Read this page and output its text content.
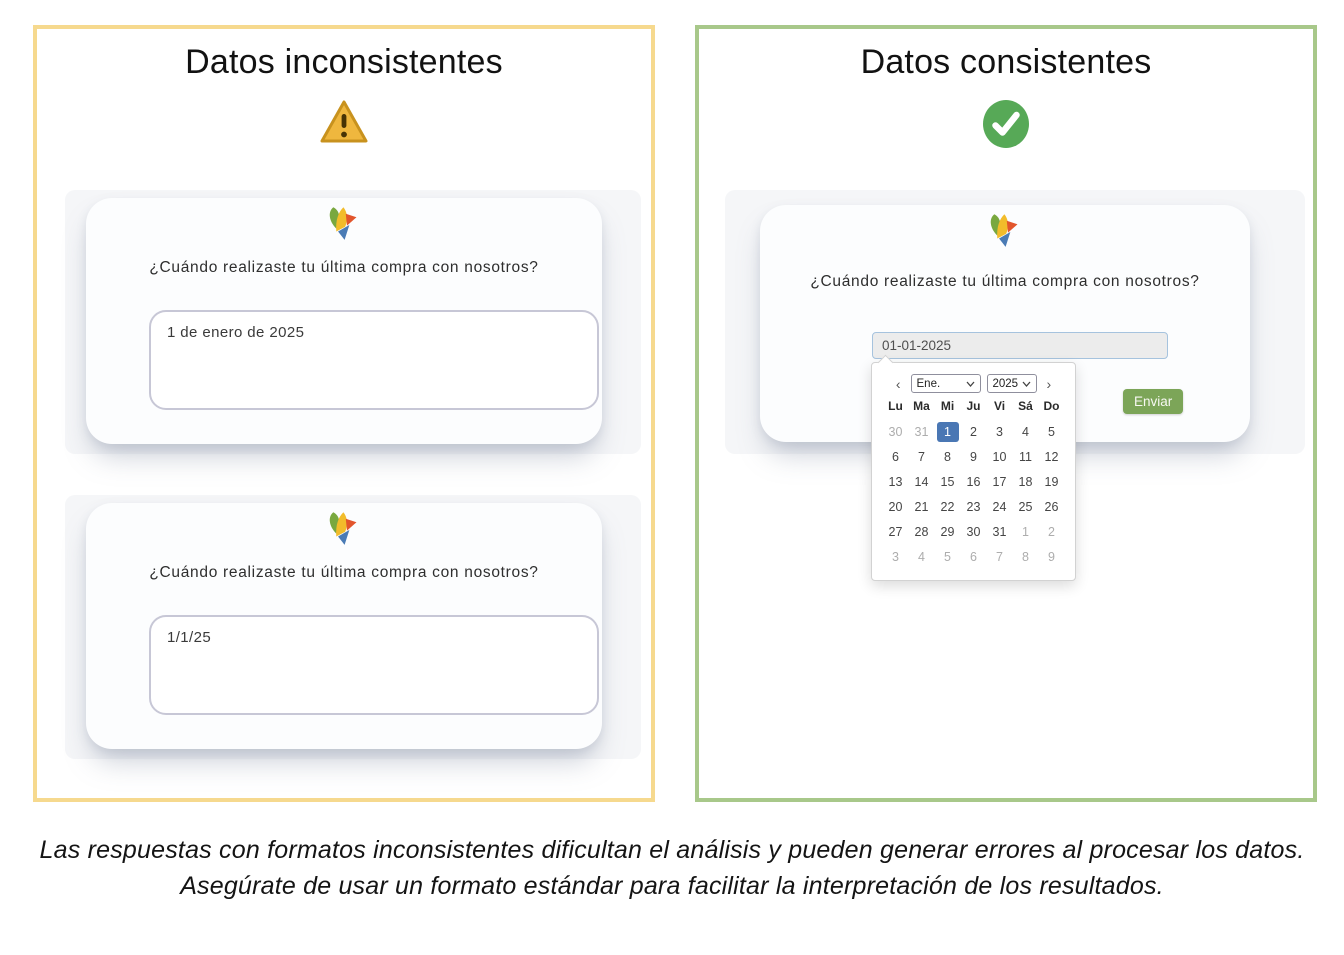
Datos inconsistentes
¿Cuándo realizaste tu última compra con nosotros?
1 de enero de 2025
¿Cuándo realizaste tu última compra con nosotros?
1/1/25
Datos consistentes
¿Cuándo realizaste tu última compra con nosotros?
01-01-2025
Enviar
‹	Ene.	2025 ›
Lu Ma Mi	Ju	Vi	Sá Do
30 31	1	2	3	4	5
6	7	8	9	10	11	12
13 14 15 16 17 18 19
20 21 22 23 24 25 26
27 28 29 30 31	1	2
3	4	5	6	7	8	9
Las respuestas con formatos inconsistentes dificultan el análisis y pueden generar errores al procesar los datos. Asegúrate de usar un formato estándar para facilitar la interpretación de los resultados.
